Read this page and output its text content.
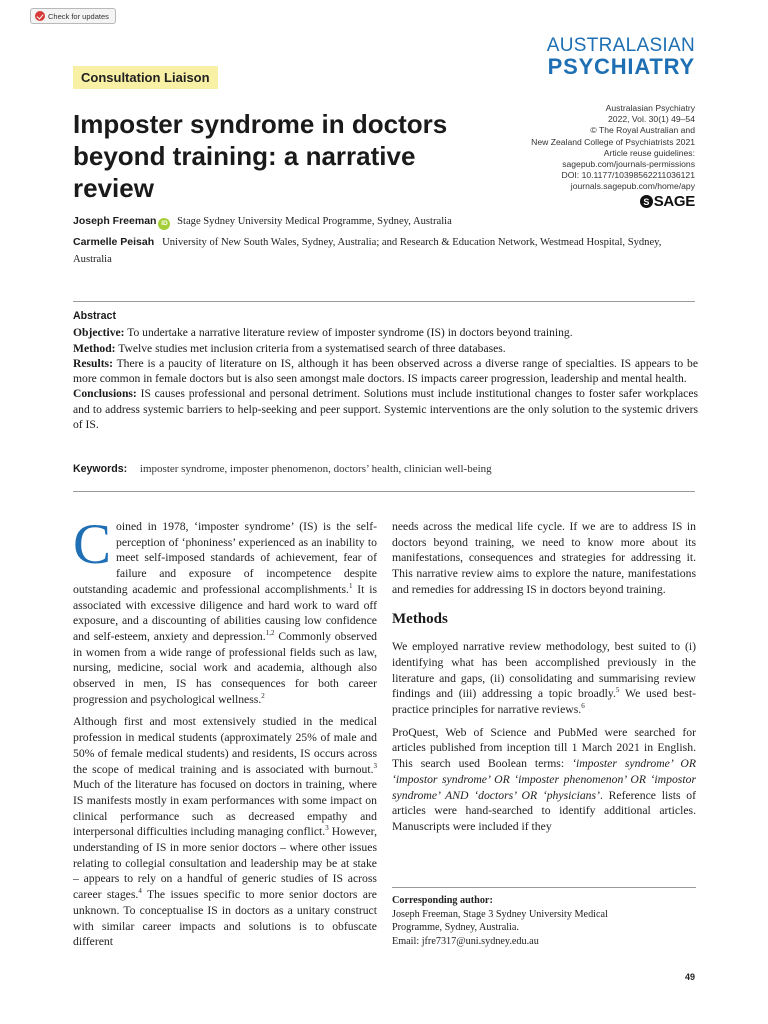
Check for updates
AUSTRALASIAN
PSYCHIATRY
Consultation Liaison
Imposter syndrome in doctors beyond training: a narrative review
Australasian Psychiatry
2022, Vol. 30(1) 49–54
© The Royal Australian and
New Zealand College of Psychiatrists 2021
Article reuse guidelines:
sagepub.com/journals-permissions
DOI: 10.1177/10398562211036121
journals.sagepub.com/home/apy
S SAGE
Joseph Freeman iD Stage Sydney University Medical Programme, Sydney, Australia
Carmelle Peisah University of New South Wales, Sydney, Australia; and Research & Education Network, Westmead Hospital, Sydney, Australia
Abstract

Objective: To undertake a narrative literature review of imposter syndrome (IS) in doctors beyond training.

Method: Twelve studies met inclusion criteria from a systematised search of three databases.

Results: There is a paucity of literature on IS, although it has been observed across a diverse range of specialties. IS appears to be more common in female doctors but is also seen amongst male doctors. IS impacts career progression, leadership and mental health.

Conclusions: IS causes professional and personal detriment. Solutions must include institutional changes to foster safer workplaces and to address systemic barriers to help-seeking and peer support. Systemic interventions are the only solution to the systemic drivers of IS.

Keywords: imposter syndrome, imposter phenomenon, doctors’ health, clinician well-being

Coined in 1978, ‘imposter syndrome’ (IS) is the self-perception of ‘phoniness’ experienced as an inability to meet self-imposed standards of achievement, fear of failure and exposure of incompetence despite outstanding academic and professional accomplishments.$^1$ It is associated with excessive diligence and hard work to ward off exposure, and a discounting of abilities causing low confidence and self-esteem, anxiety and depression.$^{1,2}$ Commonly observed in women from a wide range of professional fields such as law, nursing, medicine, social work and academia, although also observed in men, IS has consequences for both career progression and psychological wellness.$^2$

Although first and most extensively studied in the medical profession in medical students (approximately 25% of male and 50% of female medical students) and residents, IS occurs across the scope of medical training and is associated with burnout.$^3$ Much of the literature has focused on doctors in training, where IS manifests mostly in exam performances with some impact on clinical performance such as decreased empathy and interpersonal difficulties including managing conflict.$^3$ However, understanding of IS in more senior doctors – where other issues relating to collegial consultation and leadership may be at stake – appears to rely on a handful of generic studies of IS across career stages.$^4$ The issues specific to more senior doctors are unknown. To conceptualise IS in doctors as a unitary construct with similar career impacts and solutions is to obfuscate different

needs across the medical life cycle. If we are to address IS in doctors beyond training, we need to know more about its manifestations, consequences and strategies for addressing it. This narrative review aims to explore the nature, manifestations and remedies for addressing IS in doctors beyond training.

Methods

We employed narrative review methodology, best suited to (i) identifying what has been accomplished previously in the literature and gaps, (ii) consolidating and summarising review findings and (iii) addressing a topic broadly.$^5$ We used best-practice principles for narrative reviews.$^6$

ProQuest, Web of Science and PubMed were searched for articles published from inception till 1 March 2021 in English. This search used Boolean terms: ‘imposter syndrome’ OR ‘impostor syndrome’ OR ‘imposter phenomenon’ OR ‘impostor syndrome’ AND ‘doctors’ OR ‘physicians’. Reference lists of articles were hand-searched to identify additional articles. Manuscripts were included if they

Corresponding author:
Joseph Freeman, Stage 3 Sydney University Medical
Programme, Sydney, Australia.
Email: jfre7317@uni.sydney.edu.au
49
